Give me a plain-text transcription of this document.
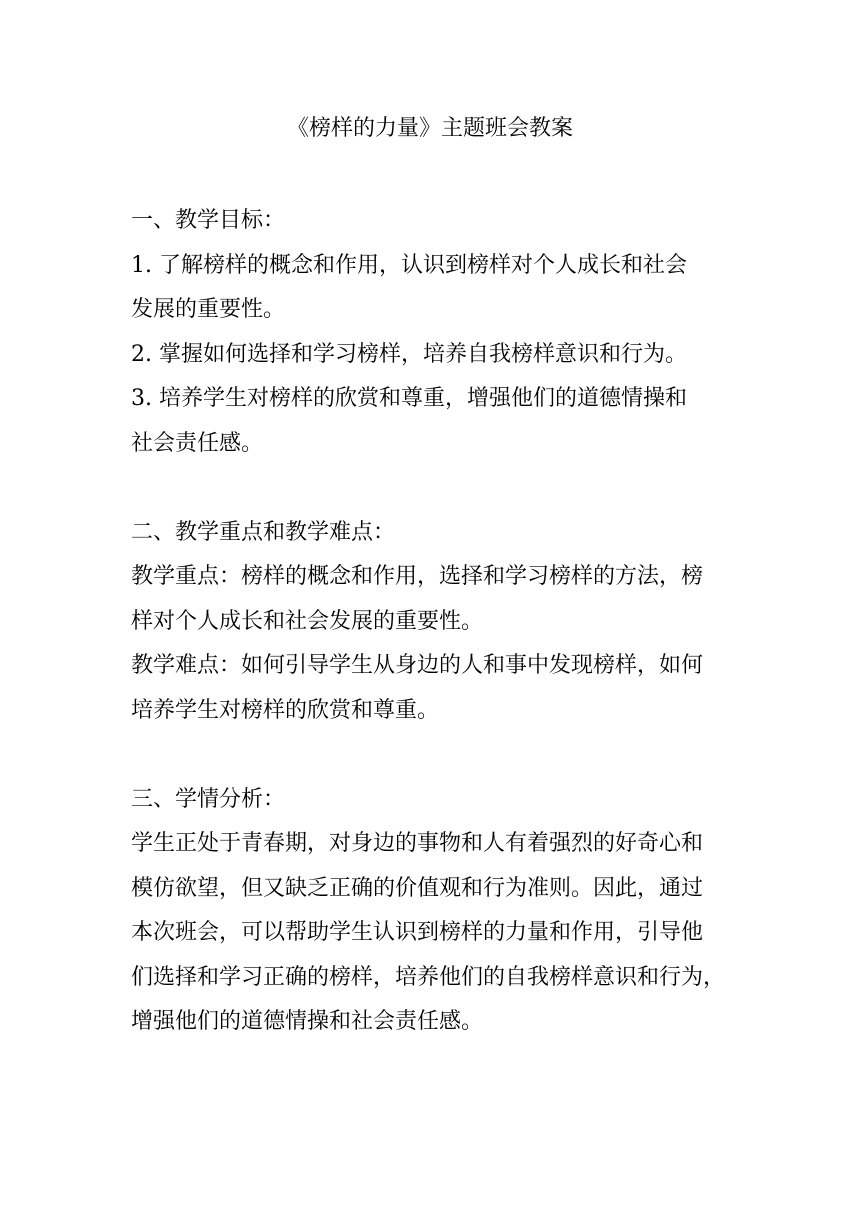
《榜样的力量》主题班会教案

一、教学目标：

1. 了解榜样的概念和作用，认识到榜样对个人成长和社会

发展的重要性。

2. 掌握如何选择和学习榜样，培养自我榜样意识和行为。

3. 培养学生对榜样的欣赏和尊重，增强他们的道德情操和

社会责任感。

二、教学重点和教学难点：

教学重点：榜样的概念和作用，选择和学习榜样的方法，榜

样对个人成长和社会发展的重要性。

教学难点：如何引导学生从身边的人和事中发现榜样，如何

培养学生对榜样的欣赏和尊重。

三、学情分析：

学生正处于青春期，对身边的事物和人有着强烈的好奇心和

模仿欲望，但又缺乏正确的价值观和行为准则。因此，通过

本次班会，可以帮助学生认识到榜样的力量和作用，引导他

们选择和学习正确的榜样，培养他们的自我榜样意识和行为，

增强他们的道德情操和社会责任感。
